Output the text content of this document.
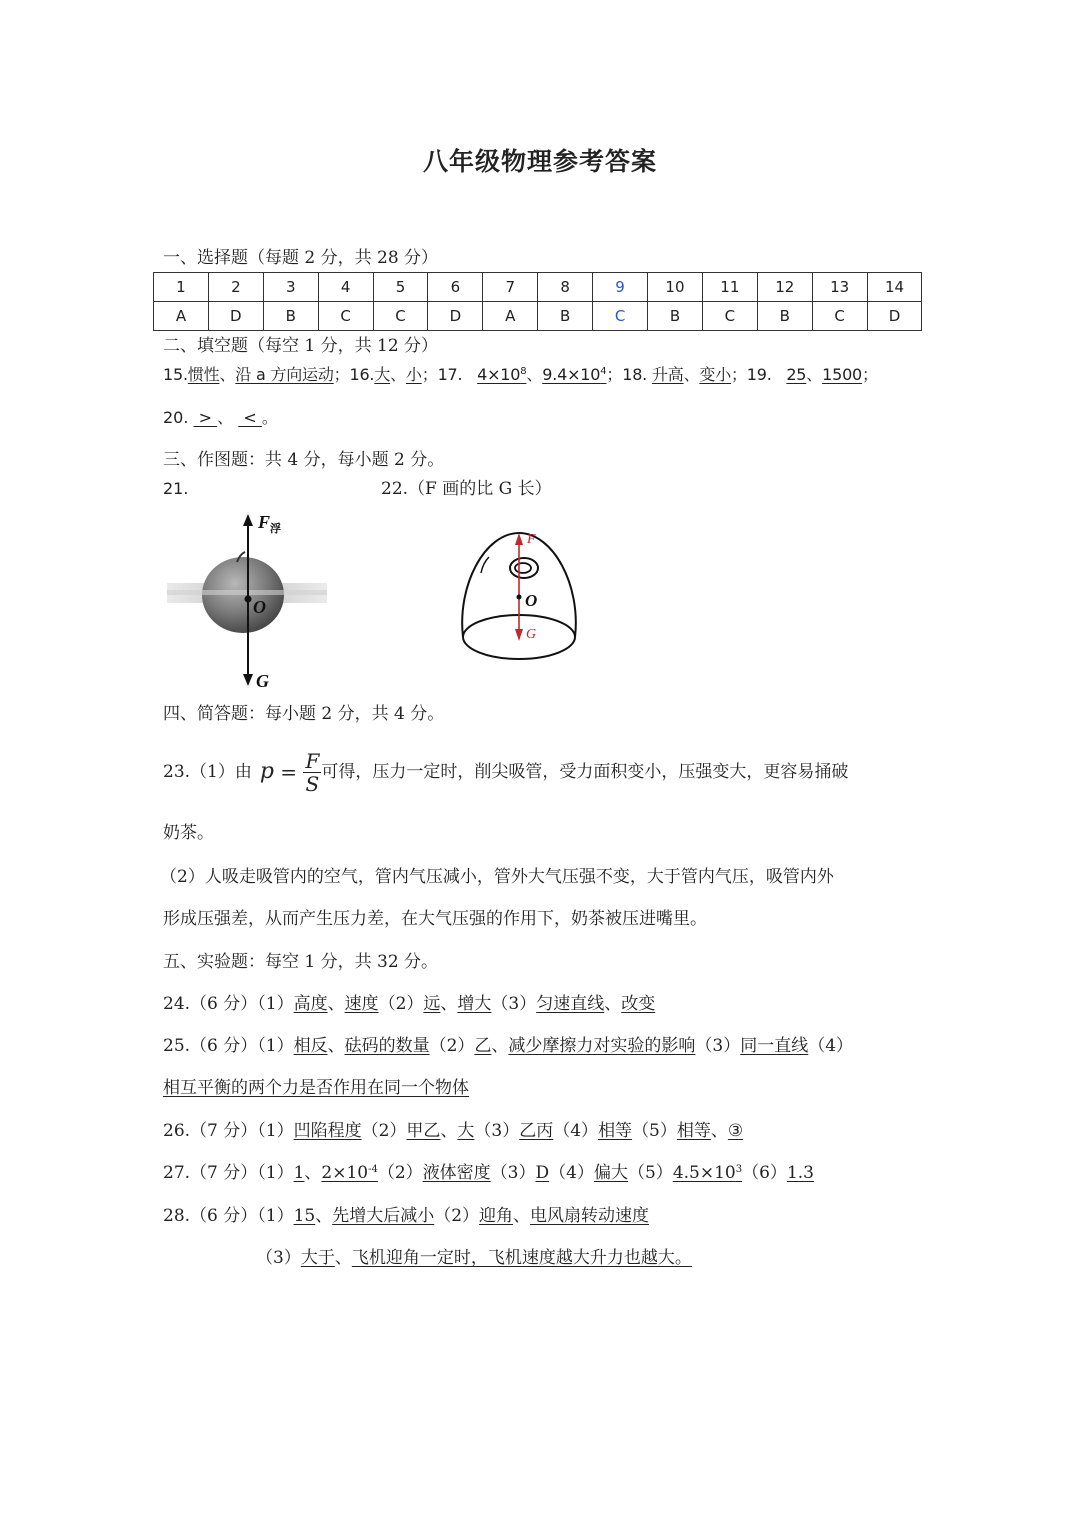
八年级物理参考答案
一、选择题（每题 2 分，共 28 分）
1	2	3	4	5	6	7	8	9	10	11	12	13	14
A	D	B	C	C	D	A	B	C	B	C	B	C	D
二、填空题（每空 1 分，共 12 分）
15.惯性、沿 a 方向运动；16.大、小；17. $4\times 10^8$、$9.4\times 10^4$；18. 升高、变小；19. 25、1500；
20.  > 、  < 。
三、作图题：共 4 分，每小题 2 分。
21.	22.（F 画的比 G 长）
$F_浮$
O
G
F
O
G
四、简答题：每小题 2 分，共 4 分。
23.（1）由 $p = \frac{F}{S}$ 可得，压力一定时，削尖吸管，受力面积变小，压强变大，更容易捅破
奶茶。
（2）人吸走吸管内的空气，管内气压减小，管外大气压强不变，大于管内气压，吸管内外
形成压强差，从而产生压力差，在大气压强的作用下，奶茶被压进嘴里。
五、实验题：每空 1 分，共 32 分。
24.（6 分）（1）高度、速度（2）远、增大（3）匀速直线、改变
25.（6 分）（1）相反、砝码的数量（2）乙、减少摩擦力对实验的影响（3）同一直线（4）
相互平衡的两个力是否作用在同一个物体
26.（7 分）（1） 凹陷程度 （2） 甲乙 、 大 （3） 乙丙 （4） 相等 （5） 相等 、 ③
27.（7 分）（1）1、$2\times 10^{-4}(2)$液体密度（3）D（4）偏大$(5)4.5\times 10^3(6)1.3$
28.（6 分）（1）15、先增大后减小（2）迎角、电风扇转动速度
（3）大于、飞机迎角一定时，飞机速度越大升力也越大。
